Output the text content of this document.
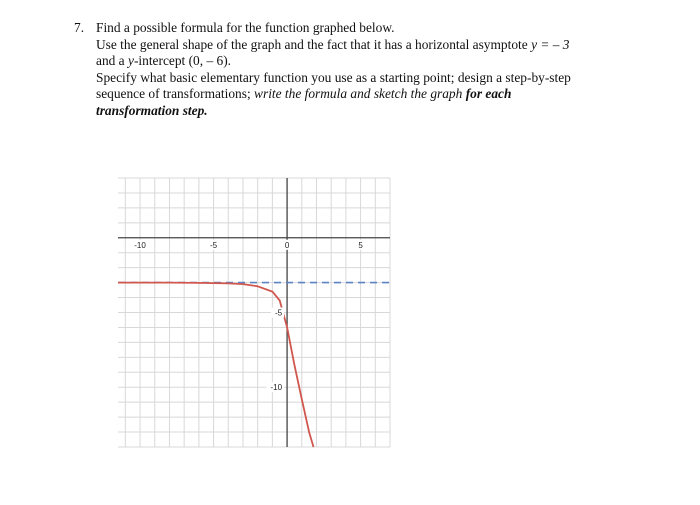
7. Find a possible formula for the function graphed below.
Use the general shape of the graph and the fact that it has a horizontal asymptote y = – 3
and a y-intercept (0, – 6).
Specify what basic elementary function you use as a starting point; design a step-by-step
sequence of transformations; write the formula and sketch the graph for each
transformation step.
-10	-5	0	5
-5
-10
